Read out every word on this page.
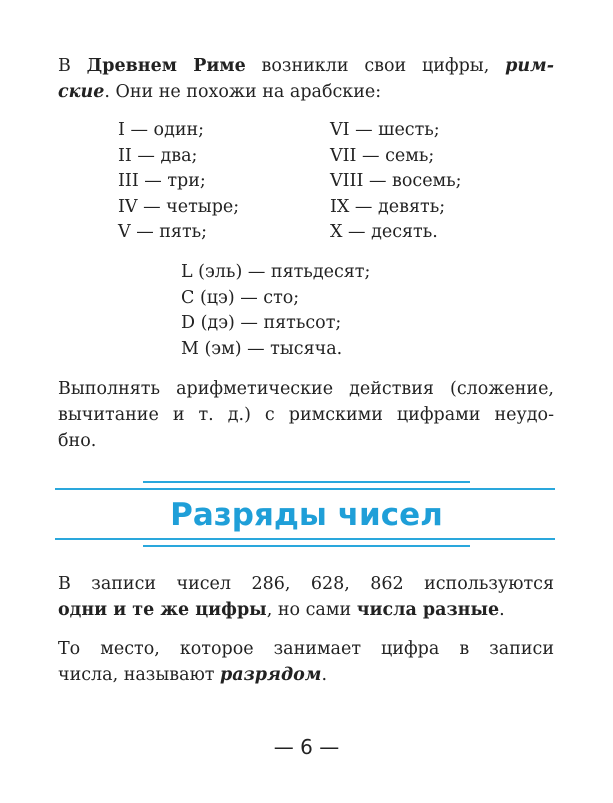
В Древнем Риме возникли свои цифры, рим-
ские. Они не похожи на арабские:
I — один;
II — два;
III — три;
IV — четыре;
V — пять;
VI — шесть;
VII — семь;
VIII — восемь;
IX — девять;
X — десять.
L (эль) — пятьдесят;
C (цэ) — сто;
D (дэ) — пятьсот;
M (эм) — тысяча.
Выполнять арифметические действия (сложение,
вычитание и т. д.) с римскими цифрами неудо-
бно.
Разряды чисел
В записи чисел 286, 628, 862 используются
одни и те же цифры, но сами числа разные.
То место, которое занимает цифра в записи
числа, называют разрядом.
— 6 —
